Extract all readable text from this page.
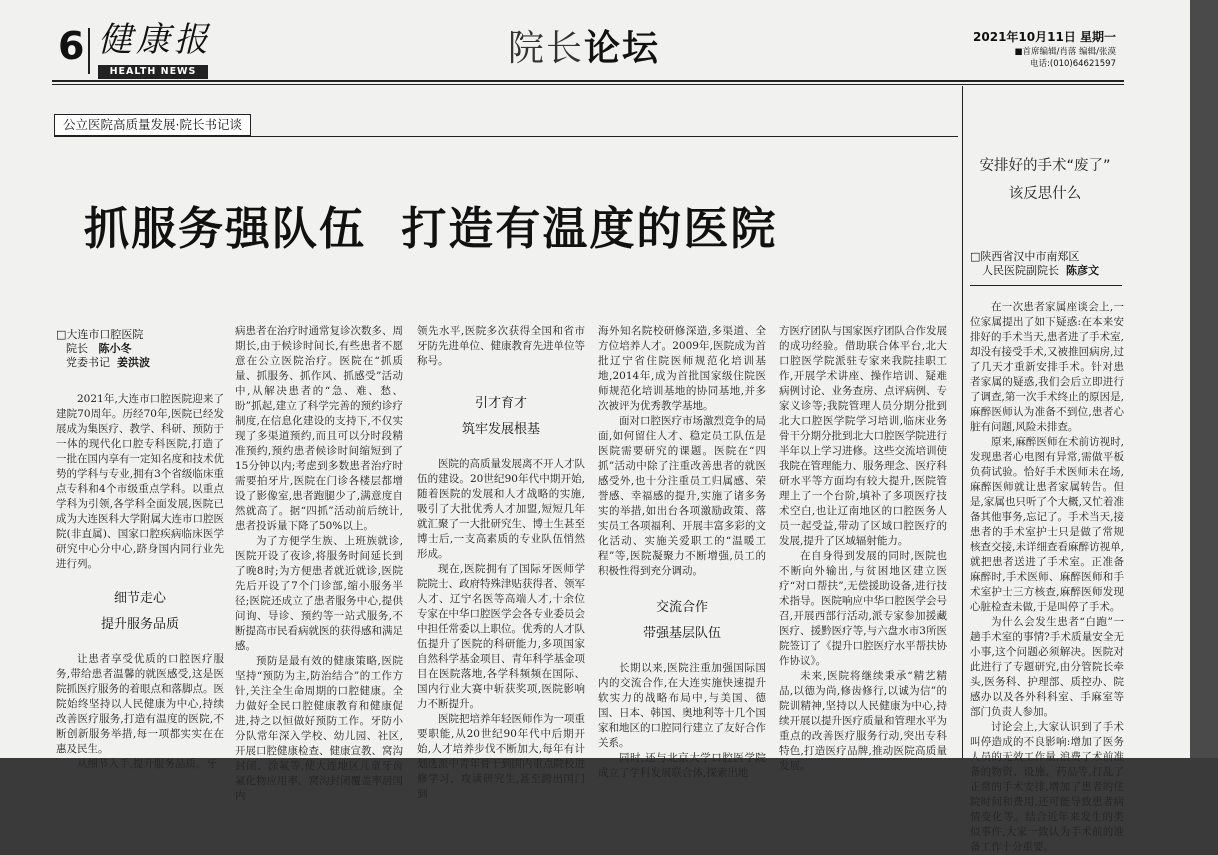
6 健康报
HEALTH NEWS
院长论坛	2021年10月11日 星期一
■首席编辑/肖落 编辑/张漠
电话:(010)64621597
公立医院高质量发展·院长书记谈
抓服务强队伍  打造有温度的医院
□大连市口腔医院
院长 陈小冬
党委书记 姜洪波

2021年,大连市口腔医院迎来了建院70周年。历经70年,医院已经发展成为集医疗、教学、科研、预防于一体的现代化口腔专科医院,打造了一批在国内享有一定知名度和技术优势的学科与专业,拥有3个省级临床重点专科和4个市级重点学科。以重点学科为引领,各学科全面发展,医院已成为大连医科大学附属大连市口腔医院(非直属)、国家口腔疾病临床医学研究中心分中心,跻身国内同行业先进行列。

细节走心
提升服务品质

让患者享受优质的口腔医疗服务,带给患者温馨的就医感受,这是医院抓医疗服务的着眼点和落脚点。医院始终坚持以人民健康为中心,持续改善医疗服务,打造有温度的医院,不断创新服务举措,每一项都实实在在惠及民生。

从细节入手,提升服务品质。牙

病患者在治疗时通常复诊次数多、周期长,由于候诊时间长,有些患者不愿意在公立医院治疗。医院在“抓质量、抓服务、抓作风、抓感受”活动中,从解决患者的“急、难、愁、盼”抓起,建立了科学完善的预约诊疗制度,在信息化建设的支持下,不仅实现了多渠道预约,而且可以分时段精准预约,预约患者候诊时间缩短到了15分钟以内;考虑到多数患者治疗时需要拍牙片,医院在门诊各楼层都增设了影像室,患者跑腿少了,满意度自然就高了。据“四抓”活动前后统计,患者投诉量下降了50%以上。

为了方便学生族、上班族就诊,医院开设了夜诊,将服务时间延长到了晚8时;为方便患者就近就诊,医院先后开设了7个门诊部,缩小服务半径;医院还成立了患者服务中心,提供问询、导诊、预约等一站式服务,不断提高市民看病就医的获得感和满足感。

预防是最有效的健康策略,医院坚持“预防为主,防治结合”的工作方针,关注全生命周期的口腔健康。全力做好全民口腔健康教育和健康促进,持之以恒做好预防工作。牙防小分队常年深入学校、幼儿园、社区,开展口腔健康检查、健康宣教、窝沟封闭、涂氟等,使大连地区儿童牙齿氟化物应用率、窝沟封闭覆盖率居国内

领先水平,医院多次获得全国和省市牙防先进单位、健康教育先进单位等称号。

引才育才
筑牢发展根基

医院的高质量发展离不开人才队伍的建设。20世纪90年代中期开始,随着医院的发展和人才战略的实施,吸引了大批优秀人才加盟,短短几年就汇聚了一大批研究生、博士生甚至博士后,一支高素质的专业队伍悄然形成。

现在,医院拥有了国际牙医师学院院士、政府特殊津贴获得者、领军人才、辽宁名医等高端人才,十余位专家在中华口腔医学会各专业委员会中担任常委以上职位。优秀的人才队伍提升了医院的科研能力,多项国家自然科学基金项目、青年科学基金项目在医院落地,各学科频频在国际、国内行业大赛中斩获奖项,医院影响力不断提升。

医院把培养年轻医师作为一项重要职能,从20世纪90年代中后期开始,人才培养步伐不断加大,每年有计划选派中青年骨干到国内重点院校进修学习、攻读研究生,甚至跨出国门到

海外知名院校研修深造,多渠道、全方位培养人才。2009年,医院成为首批辽宁省住院医师规范化培训基地,2014年,成为首批国家级住院医师规范化培训基地的协同基地,并多次被评为优秀教学基地。

面对口腔医疗市场激烈竞争的局面,如何留住人才、稳定员工队伍是医院需要研究的课题。医院在“四抓”活动中除了注重改善患者的就医感受外,也十分注重员工归属感、荣誉感、幸福感的提升,实施了诸多务实的举措,如出台各项激励政策、落实员工各项福利、开展丰富多彩的文化活动、实施关爱职工的“温暖工程”等,医院凝聚力不断增强,员工的积极性得到充分调动。

交流合作
带强基层队伍

长期以来,医院注重加强国际国内的交流合作,在大连实施快速提升软实力的战略布局中,与美国、德国、日本、韩国、奥地利等十几个国家和地区的口腔同行建立了友好合作关系。

同时,还与北京大学口腔医学院成立了学科发展联合体,探索出地

方医疗团队与国家医疗团队合作发展的成功经验。借助联合体平台,北大口腔医学院派驻专家来我院挂职工作,开展学术讲座、操作培训、疑难病例讨论、业务查房、点评病例、专家义诊等;我院管理人员分期分批到北大口腔医学院学习培训,临床业务骨干分期分批到北大口腔医学院进行半年以上学习进修。这些交流培训使我院在管理能力、服务理念、医疗科研水平等方面均有较大提升,医院管理上了一个台阶,填补了多项医疗技术空白,也让辽南地区的口腔医务人员一起受益,带动了区域口腔医疗的发展,提升了区域辐射能力。

在自身得到发展的同时,医院也不断向外输出,与贫困地区建立医疗“对口帮扶”,无偿援助设备,进行技术指导。医院响应中华口腔医学会号召,开展西部行活动,派专家参加援藏医疗、援黔医疗等,与六盘水市3所医院签订了《提升口腔医疗水平帮扶协作协议》。

未来,医院将继续秉承“精艺精品,以德为尚,修齿修行,以诚为信”的院训精神,坚持以人民健康为中心,持续开展以提升医疗质量和管理水平为重点的改善医疗服务行动,突出专科特色,打造医疗品牌,推动医院高质量发展。

安排好的手术“废了”
该反思什么
□陕西省汉中市南郑区
人民医院副院长 陈彦文

在一次患者家属座谈会上,一位家属提出了如下疑惑:在本来安排好的手术当天,患者进了手术室,却没有接受手术,又被推回病房,过了几天才重新安排手术。针对患者家属的疑惑,我们会后立即进行了调查,第一次手术终止的原因是,麻醉医师认为准备不到位,患者心脏有问题,风险未排查。

原来,麻醉医师在术前访视时,发现患者心电图有异常,需做平板负荷试验。恰好手术医师未在场,麻醉医师就让患者家属转告。但是,家属也只听了个大概,又忙着准备其他事务,忘记了。手术当天,接患者的手术室护士只是做了常规核查交接,未详细查看麻醉访视单,就把患者送进了手术室。正准备麻醉时,手术医师、麻醉医师和手术室护士三方核查,麻醉医师发现心脏检查未做,于是叫停了手术。

为什么会发生患者“白跑”一趟手术室的事情?手术质量安全无小事,这个问题必须解决。医院对此进行了专题研究,由分管院长牵头,医务科、护理部、质控办、院感办以及各外科科室、手麻室等部门负责人参加。

讨论会上,大家认识到了手术叫停造成的不良影响:增加了医务人员的无效工作量,浪费了术前准备的物资、设施、药品等,打乱了正常的手术安排,增加了患者的住院时间和费用,还可能导致患者病情变化等。结合近年来发生的类似事件,大家一致认为手术前的准备工作十分重要。
